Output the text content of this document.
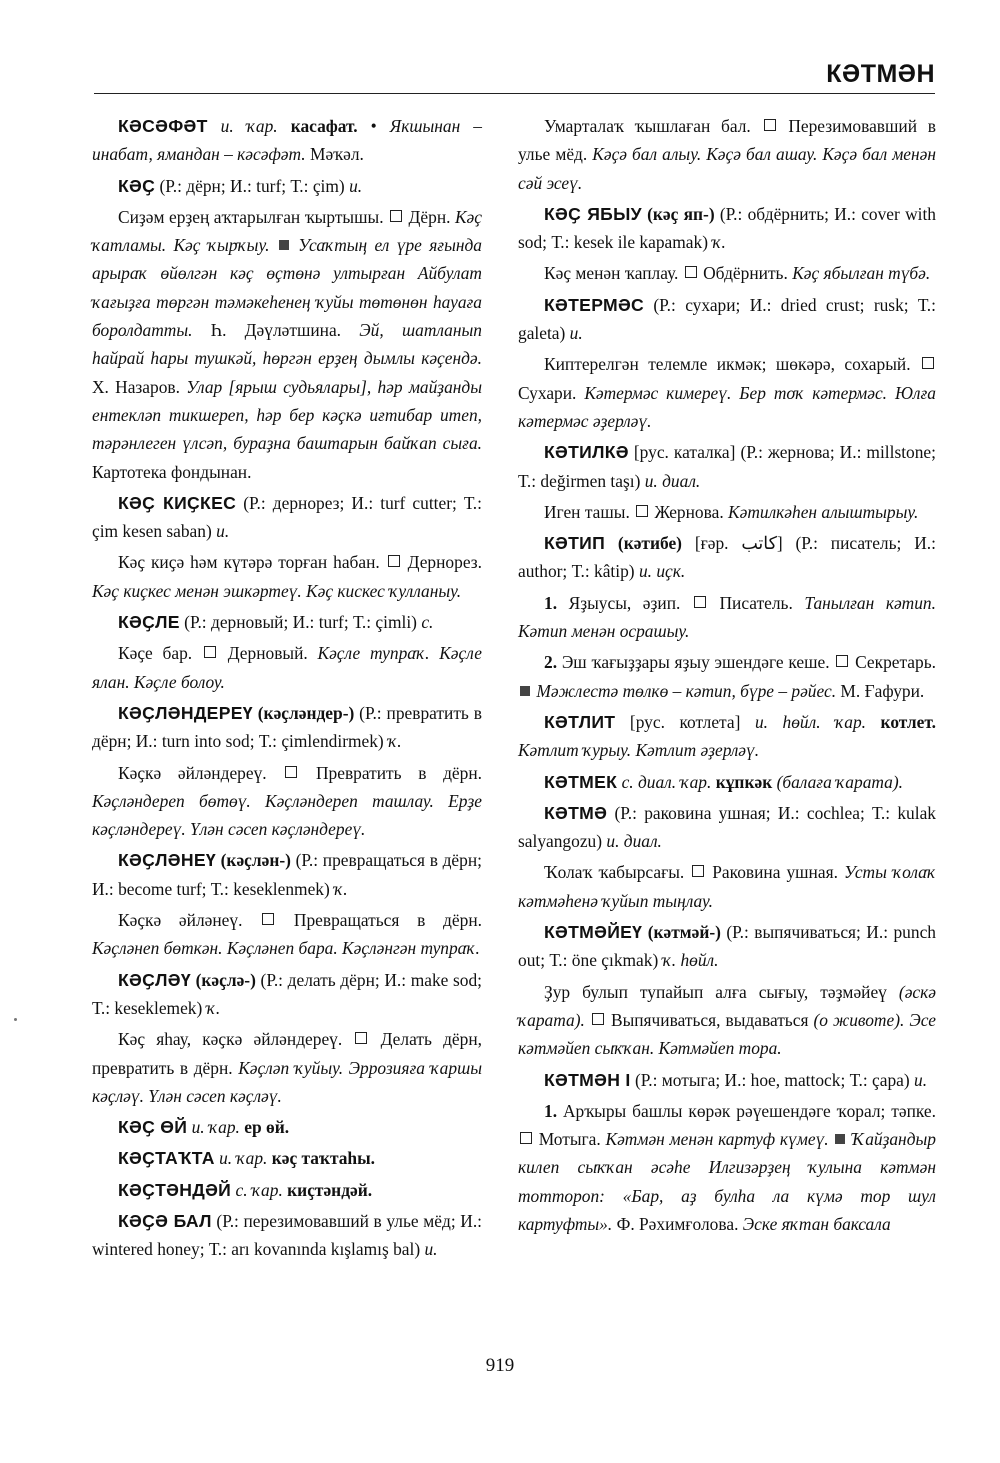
КӘТМӘН

КӘСӘФӘТ и. ҡар. касафат. • Якшынан – инабат, ямандан – кәсәфәт. Мәҡәл.

КӘҪ (Р.: дёрн; И.: turf; Т.: çim) и.

Сиҙәм ерҙең аҡтарылған ҡыртышы. Дёрн. Кәҫ ҡатламы. Кәҫ ҡырҡыу. Усаҡтың ел үре яғында арыраҡ өйөлгән кәҫ өҫтөнә ултырған Айбулат ҡағыҙға төргән тәмәкеһенең ҡуйы төтөнөн һауаға боролдатты. Һ. Дәүләтшина. Эй, шатланып һайрай һары тушкәй, һөргән ерҙең дымлы кәҫендә. Х. Назаров. Улар [ярыш судьялары], һәр майҙанды ентекләп тикшереп, һәр бер кәҫкә иғтибар итеп, тәрәнлеген үлсәп, бураҙна баштарын байҡап сыға. Картотека фондынан.

КӘҪ КИҪКЕС (Р.: дернорез; И.: turf cutter; Т.: çim kesen saban) и.

Кәҫ киҫә һәм күтәрә торған һабан. Дернорез. Кәҫ киҫкес менән эшкәртеү. Кәҫ кискес ҡулланыу.

КӘҪЛЕ (Р.: дерновый; И.: turf; Т.: çimli) с.

Кәҫе бар. Дерновый. Кәҫле тупраҡ. Кәҫле ялан. Кәҫле болоу.

КӘҪЛӘНДЕРЕҮ (кәҫләндер-) (Р.: превратить в дёрн; И.: turn into sod; Т.: çimlendirmek) ҡ.

Кәҫкә әйләндереү.	Превратить в дёрн. Кәҫләндереп бөтөү. Кәҫләндереп ташлау. Ерҙе кәҫләндереү. Үлән сәсеп кәҫләндереү.

КӘҪЛӘНЕҮ (кәҫлән-) (Р.: превращаться в дёрн; И.: become turf; Т.: keseklenmek) ҡ.

Кәҫкә әйләнеү.	Превращаться в дёрн. Кәҫләнеп бөткән. Кәҫләнеп бара. Кәҫләнгән тупраҡ.

КӘҪЛӘҮ (кәҫлә-) (Р.: делать дёрн; И.: make sod; Т.: keseklemek) ҡ.

Кәҫ яһау, кәҫкә әйләндереү. Делать дёрн, превратить в дёрн. Кәҫләп ҡуйыу. Эррозияға ҡаршы кәҫләү. Үлән сәсеп кәҫләү.

КӘҪ ӨЙ и. ҡар. ер өй.

КӘҪТАҠТА и. ҡар. кәҫ таҡтаһы.

КӘҪТӘНДӘЙ с. ҡар. киҫтәндәй.

КӘҪӘ БАЛ (Р.: перезимовавший в улье мёд; И.: wintered honey; Т.: arı kovanında kışlamış bal) и.

Умарталаҡ ҡышлаған бал. Перезимовавший в улье мёд. Кәҫә бал алыу. Кәҫә бал ашау. Кәҫә бал менән сәй эсеү.

КӘҪ ЯБЫУ (кәҫ яп-) (Р.: обдёрнить; И.: cover with sod; Т.: kesek ile kapamak) ҡ.

Кәҫ менән ҡаплау. Обдёрнить. Кәҫ ябылған түбә.

КӘТЕРМӘС (Р.: сухари; И.: dried crust; rusk; Т.: galeta) и.

Киптерелгән телемле икмәк; шөкәрә, сохарый.  Сухари. Кәтермәс кимереү. Бер тоҡ кәтермәс. Юлға кәтермәс әҙерләү.

КӘТИЛКӘ [рус. каталка] (Р.: жернова; И.: millstone; Т.: değirmen taşı) и. диал.

Иген ташы. Жернова. Кәтилкәһен алыштырыу.

КӘТИП (кәтибе) [ғәр. كاتب] (Р.: писатель; И.: author; Т.: kâtip) и. иҫк.

1. Яҙыусы, әҙип. Писатель. Танылған кәтип. Кәтип менән осрашыу.

2. Эш ҡағыҙҙары яҙыу эшендәге кеше. Секретарь.  Мәжлестә төлкө – кәтип, бүре – рәйес. М. Ғафури.

КӘТЛИТ [рус. котлета] и. һөйл. ҡар. котлет. Кәтлит ҡурыу. Кәтлит әҙерләү.

КӘТМЕК с. диал. ҡар. кұпкәк (балаға ҡарата).

КӘТМӘ (Р.: раковина ушная; И.: cochlea; Т.: kulak salyangozu) и. диал.

Ҡолаҡ ҡабырсағы. Раковина ушная. Усты ҡолаҡ кәтмәһенә ҡуйып тыңлау.

КӘТМӘЙЕҮ (кәтмәй-) (Р.: выпячиваться; И.: punch out; Т.: öne çıkmak) ҡ. һөйл.

Ҙур булып тупайып алға сығыу, тәҙмәйеү (әскә ҡарата). Выпячиваться, выдаваться (о животе). Эсе кәтмәйеп сыҡҡан. Кәтмәйеп тора.

КӘТМӘН I (Р.: мотыга; И.: hoe, mattock; Т.: çapa) и.

1. Арҡыры башлы көрәк рәүешендәге ҡорал; тәпке.  Мотыга. Кәтмән менән картуф күмеү. Ҡайҙандыр килеп сыҡҡан әсәһе Илгизәрҙең ҡулына кәтмән тоттороп: «Бар, аҙ булһа ла күмә тор шул картуфты». Ф. Рәхимғолова. Эске яҡтан баксала

919
